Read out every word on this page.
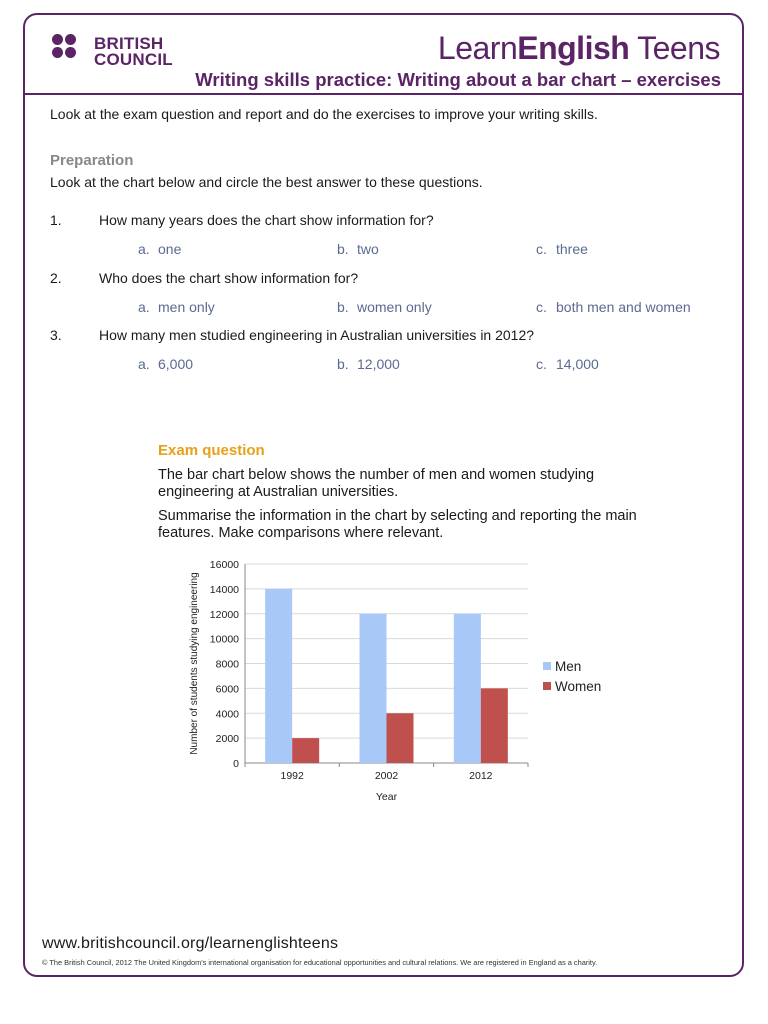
BRITISH
COUNCIL	LearnEnglish Teens
Writing skills practice: Writing about a bar chart – exercises
Look at the exam question and report and do the exercises to improve your writing skills.
Preparation
Look at the chart below and circle the best answer to these questions.
1.	How many years does the chart show information for?
a. one	b. two	c. three
2.	Who does the chart show information for?
a. men only	b. women only	c. both men and women
3.	How many men studied engineering in Australian universities in 2012?
a. 6,000	b. 12,000	c. 14,000
Exam question
The bar chart below shows the number of men and women studying engineering at Australian universities.
Summarise the information in the chart by selecting and reporting the main features. Make comparisons where relevant.
0
2000
4000
6000
8000
10000
12000
14000
16000
1992	2002	2012
Year
Number of students studying engineering	Men
Women
www.britishcouncil.org/learnenglishteens
© The British Council, 2012 The United Kingdom's international organisation for educational opportunities and cultural relations. We are registered in England as a charity.
